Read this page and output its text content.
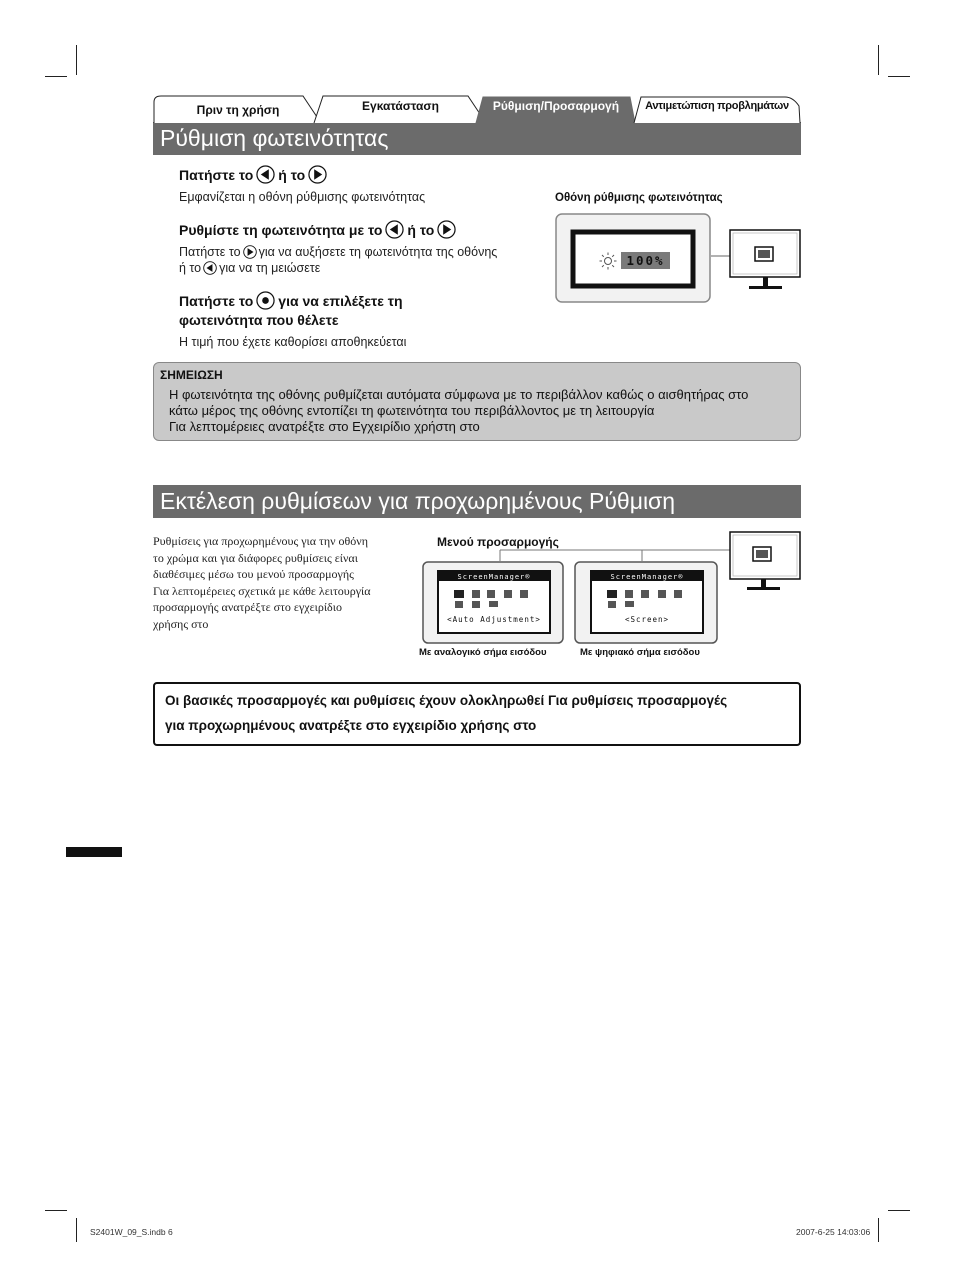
Πριν τη χρήση	Εγκατάσταση	Ρύθμιση/Προσαρμογή Αντιμετώπιση προβλημάτων
Ρύθμιση φωτεινότητας
Πατήστε το ή το
Εμφανίζεται η οθόνη ρύθμισης φωτεινότητας
Ρυθμίστε τη φωτεινότητα με το ή το
Πατήστε το για να αυξήσετε τη φωτεινότητα της οθόνης
ή το για να τη μειώσετε
Πατήστε το για να επιλέξετε τη
φωτεινότητα που θέλετε
Η τιμή που έχετε καθορίσει αποθηκεύεται
Οθόνη ρύθμισης φωτεινότητας
100%
ΣΗΜΕΙΩΣΗ
Η φωτεινότητα της οθόνης ρυθμίζεται αυτόματα σύμφωνα με το περιβάλλον καθώς ο αισθητήρας στο
κάτω μέρος της οθόνης εντοπίζει τη φωτεινότητα του περιβάλλοντος με τη λειτουργία
Για λεπτομέρειες ανατρέξτε στο Εγχειρίδιο χρήστη στο
Εκτέλεση ρυθμίσεων για προχωρημένους Ρύθμιση
Ρυθμίσεις για προχωρημένους για την οθόνη
το χρώμα και για διάφορες ρυθμίσεις είναι
διαθέσιμες μέσω του μενού προσαρμογής
Για λεπτομέρειες σχετικά με κάθε λειτουργία
προσαρμογής ανατρέξτε στο εγχειρίδιο
χρήσης στο
Μενού προσαρμογής
ScreenManager®	ScreenManager®
<Auto Adjustment>	<Screen>
Με αναλογικό σήμα εισόδου	Με ψηφιακό σήμα εισόδου
Οι βασικές προσαρμογές και ρυθμίσεις έχουν ολοκληρωθεί Για ρυθμίσεις προσαρμογές
για προχωρημένους ανατρέξτε στο εγχειρίδιο χρήσης στο
S2401W_09_S.indb 6	2007-6-25 14:03:06
